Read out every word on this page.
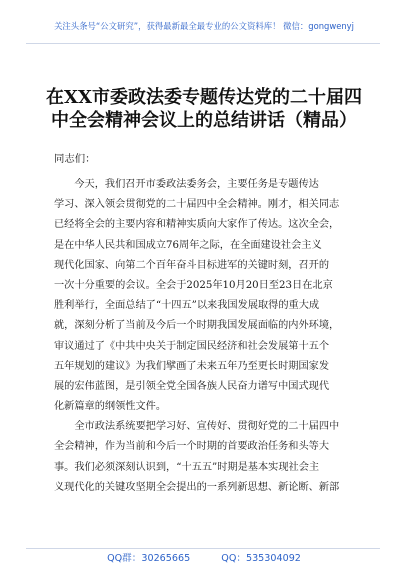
关注头条号“公文研究”，获得最新最全最专业的公文资料库！ 微信：gongwenyj
在XX市委政法委专题传达党的二十届四
中全会精神会议上的总结讲话（精品）
同志们：
　　今天，我们召开市委政法委务会，主要任务是专题传达
学习、深入领会贯彻党的二十届四中全会精神。刚才，相关同志
已经将全会的主要内容和精神实质向大家作了传达。这次全会，
是在中华人民共和国成立76周年之际，在全面建设社会主义
现代化国家、向第二个百年奋斗目标进军的关键时刻，召开的
一次十分重要的会议。全会于2025年10月20日至23日在北京
胜利举行，全面总结了“十四五”以来我国发展取得的重大成
就，深刻分析了当前及今后一个时期我国发展面临的内外环境，
审议通过了《中共中央关于制定国民经济和社会发展第十五个
五年规划的建议》为我们擘画了未来五年乃至更长时期国家发
展的宏伟蓝图，是引领全党全国各族人民奋力谱写中国式现代
化新篇章的纲领性文件。
　　全市政法系统要把学习好、宣传好、贯彻好党的二十届四中
全会精神，作为当前和今后一个时期的首要政治任务和头等大
事。我们必须深刻认识到，“十五五”时期是基本实现社会主
义现代化的关键攻坚期全会提出的一系列新思想、新论断、新部
QQ群：30265665	QQ：535304092
